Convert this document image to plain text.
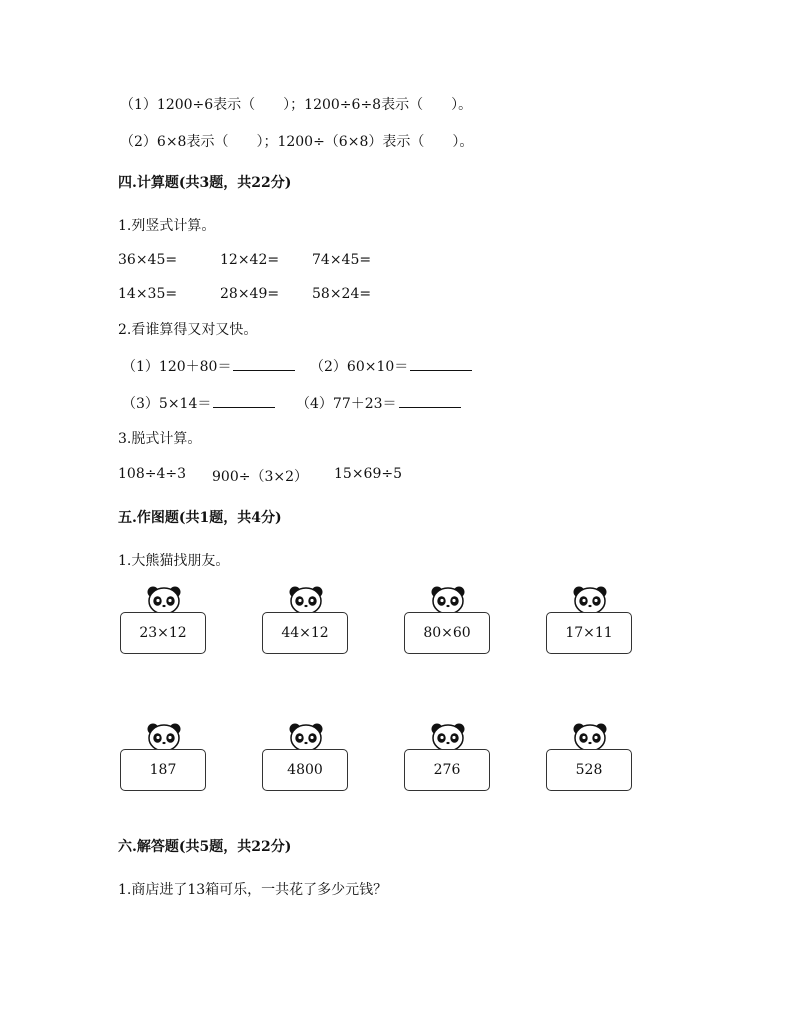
（1）1200÷6表示（　　）；1200÷6÷8表示（　　）。
（2）6×8表示（　　）；1200÷（6×8）表示（　　）。
四.计算题(共3题，共22分)
1.列竖式计算。
36×45=	12×42= 74×45=
14×35=	28×49= 58×24=
2.看谁算得又对又快。
（1）120＋80＝	（2）60×10＝
（3）5×14＝	（4）77＋23＝
3.脱式计算。
108÷4÷3 900÷（3×2） 15×69÷5
五.作图题(共1题，共4分)
1.大熊猫找朋友。
23×12	44×12	80×60	17×11
187	4800	276	528
六.解答题(共5题，共22分)
1.商店进了13箱可乐，一共花了多少元钱？
